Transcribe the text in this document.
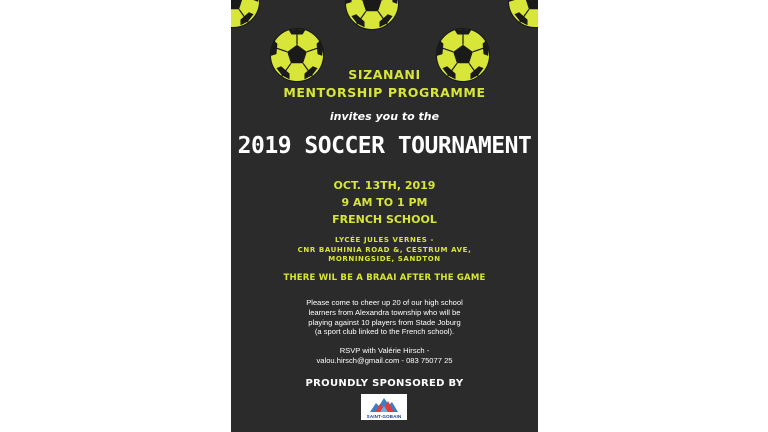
SIZANANI
MENTORSHIP PROGRAMME
invites you to the
2019 SOCCER TOURNAMENT
OCT. 13TH, 2019
9 AM TO 1 PM
FRENCH SCHOOL
LYCÉE JULES VERNES -
CNR BAUHINIA ROAD &, CESTRUM AVE,
MORNINGSIDE, SANDTON
THERE WIL BE A BRAAI AFTER THE GAME
Please come to cheer up 20 of our high school
learners from Alexandra township who will be
playing against 10 players from Stade Joburg
(a sport club linked to the French school).
RSVP with Valérie Hirsch -
valou.hirsch@gmail.com - 083 75077 25
PROUNDLY SPONSORED BY
SAINT-GOBAIN
